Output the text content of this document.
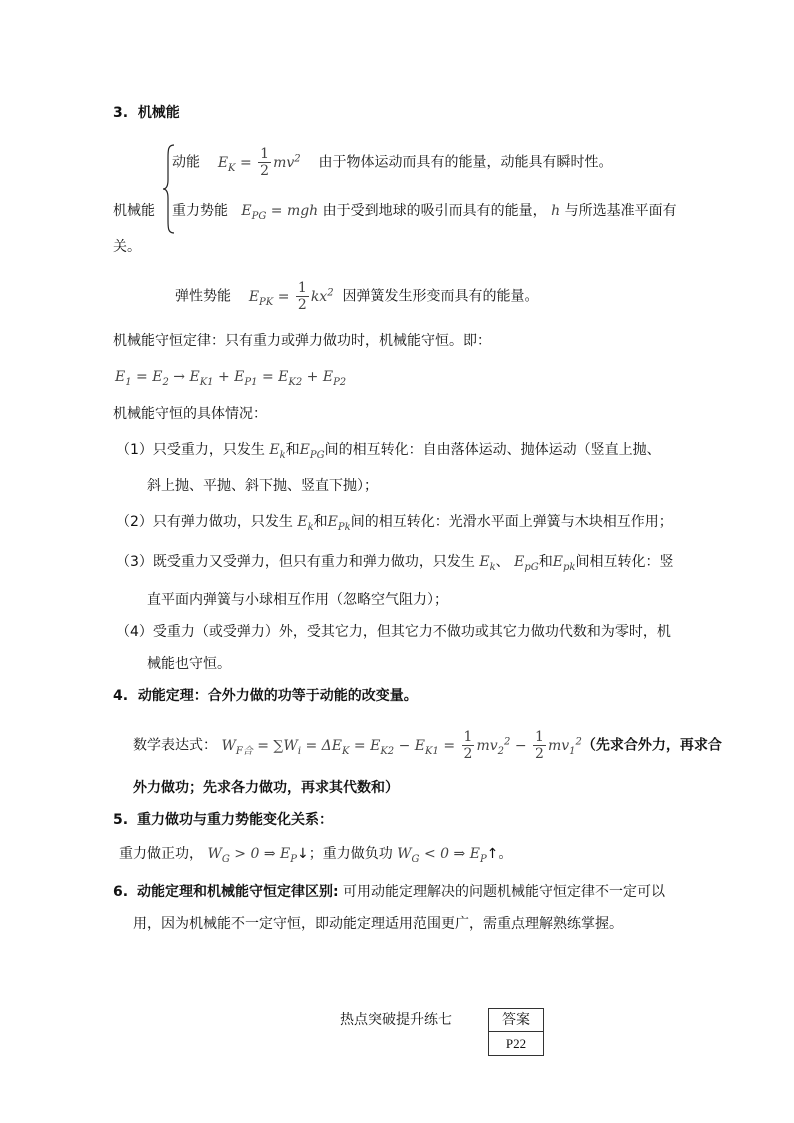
3. 机械能
动能 $E_K = \frac{1}{2} mv^2$ 由于物体运动而具有的能量，动能具有瞬时性。
机械能 重力势能 $E_{PG}$ = mgh 由于受到地球的吸引而具有的能量， h 与所选基准平面有
关。
弹性势能 $E_{PK} = \frac{1}{2} kx^2$ 因弹簧发生形变而具有的能量。
机械能守恒定律：只有重力或弹力做功时，机械能守恒。即：
$E_1 = E_2 \to E_{K1} + E_{P1} = E_{K2} + E_{P2}$
机械能守恒的具体情况：
（1）只受重力，只发生 $E_k$和$E_{PG}$间的相互转化：自由落体运动、抛体运动（竖直上抛、
斜上抛、平抛、斜下抛、竖直下抛）；
（2）只有弹力做功，只发生 $E_k$和$E_{Pk}$间的相互转化：光滑水平面上弹簧与木块相互作用；
（3）既受重力又受弹力，但只有重力和弹力做功，只发生 $E_k$、 $E_{pG}$和$E_{pk}$间相互转化：竖
直平面内弹簧与小球相互作用（忽略空气阻力）；
（4）受重力（或受弹力）外，受其它力，但其它力不做功或其它力做功代数和为零时，机
械能也守恒。
4. 动能定理：合外力做的功等于动能的改变量。
数学表达式： $W_{F合} = \sum W_i = \Delta E_K = E_{K2} - E_{K1} = \frac{1}{2} mv_2^2 - \frac{1}{2} mv_1^2$（先求合外力，再求合
外力做功；先求各力做功，再求其代数和）
5. 重力做功与重力势能变化关系：
重力做正功， $W_G > 0$ ⇒ $E_P↓$；重力做负功 $W_G < 0$ ⇒ $E_P↑$。
6. 动能定理和机械能守恒定律区别: 可用动能定理解决的问题机械能守恒定律不一定可以
用，因为机械能不一定守恒，即动能定理适用范围更广，需重点理解熟练掌握。
热点突破提升练七	答案
P22
